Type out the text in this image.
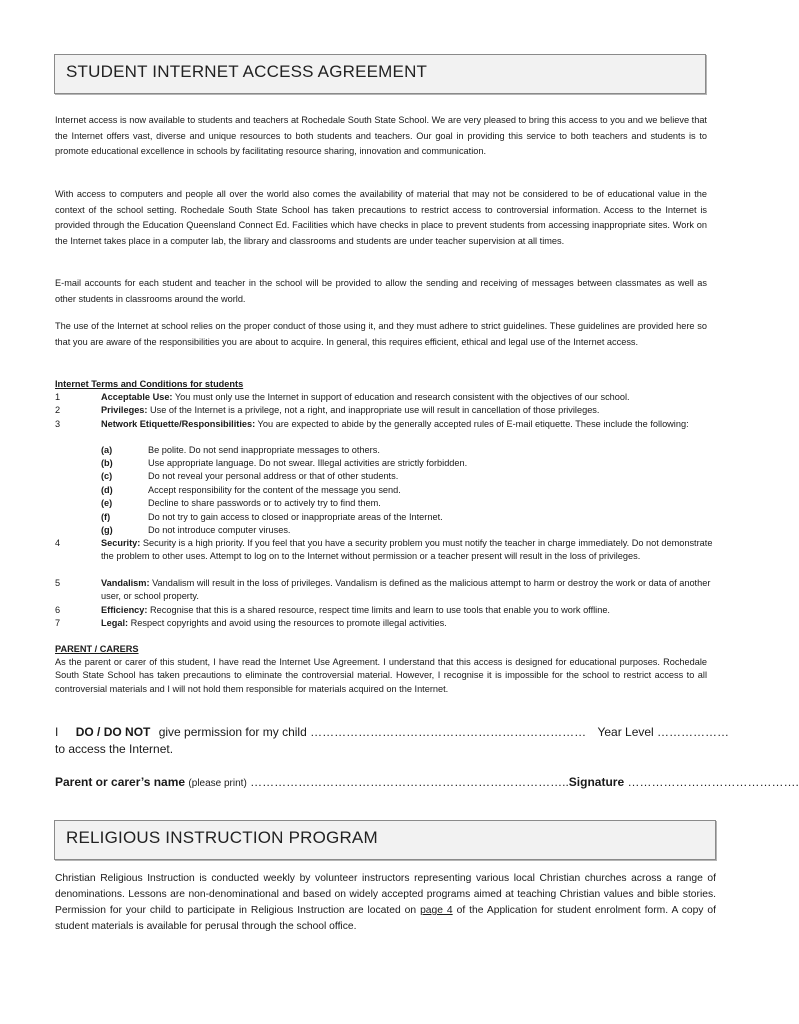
STUDENT INTERNET ACCESS AGREEMENT

Internet access is now available to students and teachers at Rochedale South State School. We are very pleased to bring this access to you and we believe that the Internet offers vast, diverse and unique resources to both students and teachers. Our goal in providing this service to both teachers and students is to promote educational excellence in schools by facilitating resource sharing, innovation and communication.

With access to computers and people all over the world also comes the availability of material that may not be considered to be of educational value in the context of the school setting. Rochedale South State School has taken precautions to restrict access to controversial information. Access to the Internet is provided through the Education Queensland Connect Ed. Facilities which have checks in place to prevent students from accessing inappropriate sites. Work on the Internet takes place in a computer lab, the library and classrooms and students are under teacher supervision at all times.

E-mail accounts for each student and teacher in the school will be provided to allow the sending and receiving of messages between classmates as well as other students in classrooms around the world.

The use of the Internet at school relies on the proper conduct of those using it, and they must adhere to strict guidelines. These guidelines are provided here so that you are aware of the responsibilities you are about to acquire. In general, this requires efficient, ethical and legal use of the Internet access.

Internet Terms and Conditions for students
1	Acceptable Use: You must only use the Internet in support of education and research consistent with the objectives of our school.
2	Privileges: Use of the Internet is a privilege, not a right, and inappropriate use will result in cancellation of those privileges.
3	Network Etiquette/Responsibilities: You are expected to abide by the generally accepted rules of E-mail etiquette. These include the following:
(a)	Be polite. Do not send inappropriate messages to others.
(b)	Use appropriate language. Do not swear. Illegal activities are strictly forbidden.
(c)	Do not reveal your personal address or that of other students.
(d)	Accept responsibility for the content of the message you send.
(e)	Decline to share passwords or to actively try to find them.
(f)	Do not try to gain access to closed or inappropriate areas of the Internet.
(g)	Do not introduce computer viruses.
4	Security: Security is a high priority. If you feel that you have a security problem you must notify the teacher in charge immediately. Do not demonstrate the problem to other uses. Attempt to log on to the Internet without permission or a teacher present will result in the loss of privileges.
5	Vandalism: Vandalism will result in the loss of privileges. Vandalism is defined as the malicious attempt to harm or destroy the work or data of another user, or school property.
6	Efficiency: Recognise that this is a shared resource, respect time limits and learn to use tools that enable you to work offline.
7	Legal: Respect copyrights and avoid using the resources to promote illegal activities.
PARENT / CARERS

As the parent or carer of this student, I have read the Internet Use Agreement. I understand that this access is designed for educational purposes. Rochedale South State School has taken precautions to eliminate the controversial material. However, I recognise it is impossible for the school to restrict access to all controversial materials and I will not hold them responsible for materials acquired on the Internet.

I DO / DO NOT give permission for my child …………………………………………………………… Year Level ………………
to access the Internet.
Parent or carer’s name (please print) ……………………………………………………………………..Signature …………………………………….
RELIGIOUS INSTRUCTION PROGRAM

Christian Religious Instruction is conducted weekly by volunteer instructors representing various local Christian churches across a range of denominations. Lessons are non-denominational and based on widely accepted programs aimed at teaching Christian values and bible stories. Permission for your child to participate in Religious Instruction are located on page 4 of the Application for student enrolment form. A copy of student materials is available for perusal through the school office.
